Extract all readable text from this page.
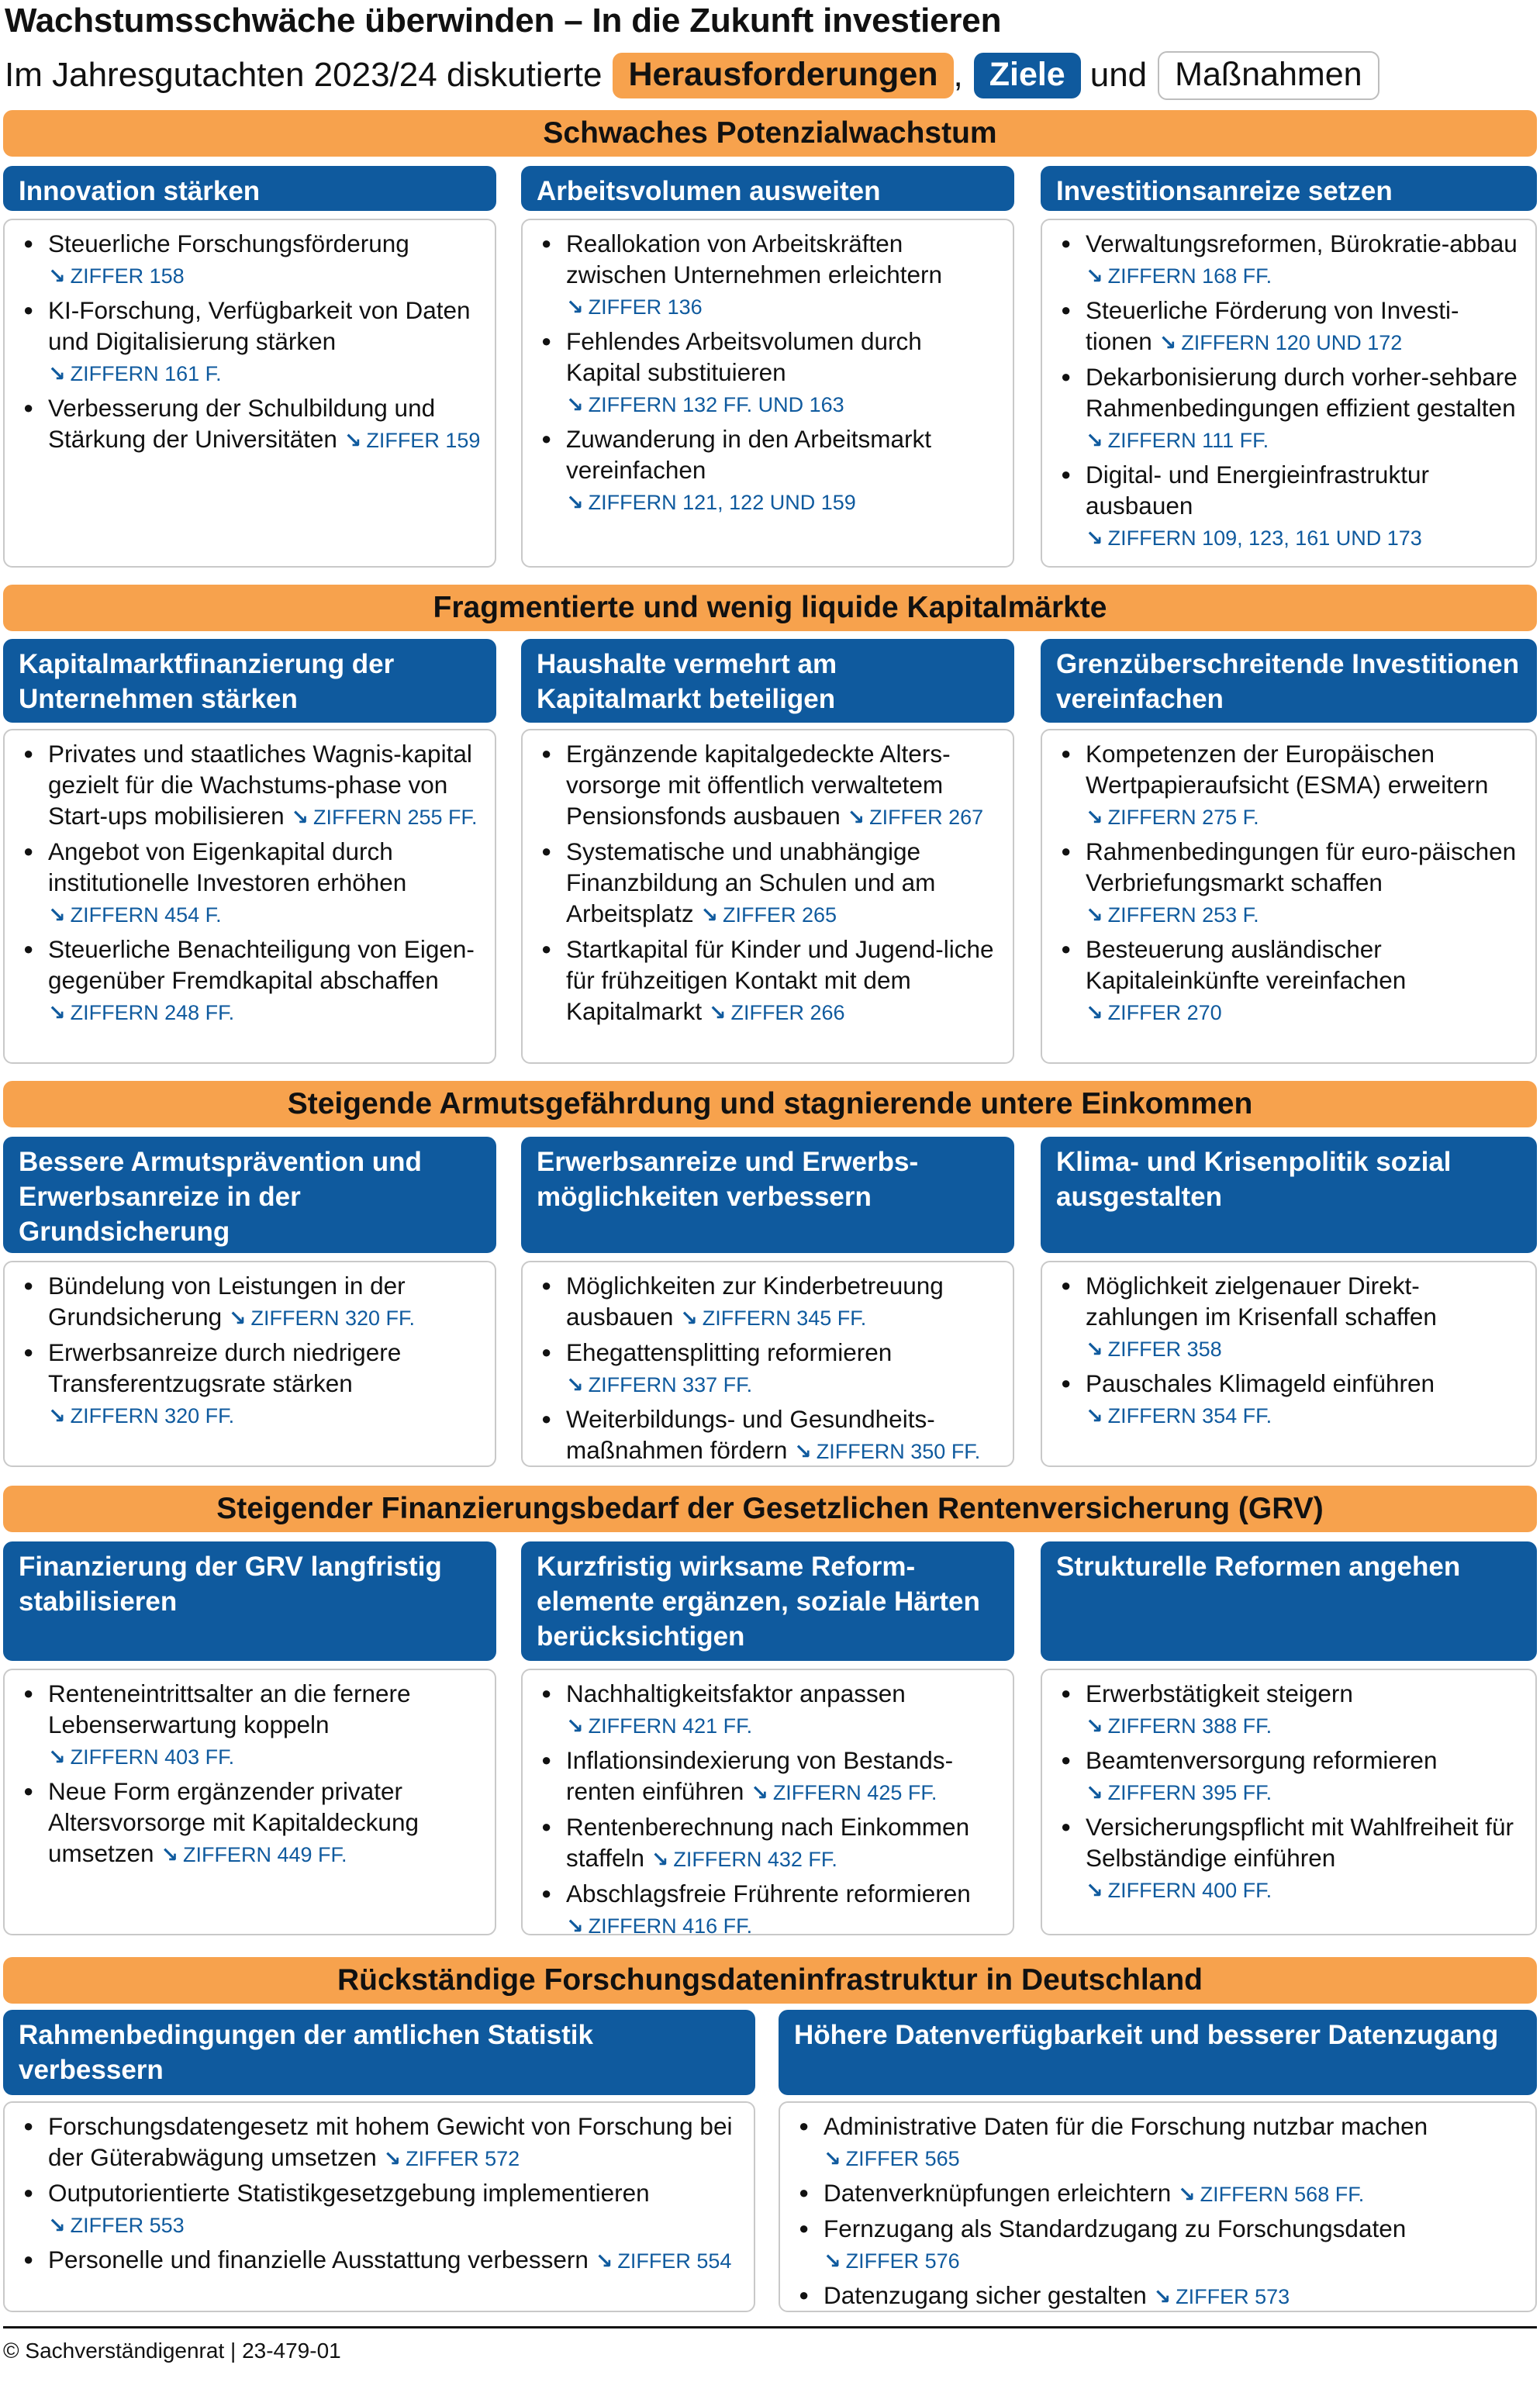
Wachstumsschwäche überwinden – In die Zukunft investieren
Im Jahresgutachten 2023/24 diskutierte Herausforderungen , Ziele und Maßnahmen
Schwaches Potenzialwachstum
Innovation stärken
● Steuerliche Forschungsförderung ↘ ZIFFER 158
● KI-Forschung, Verfügbarkeit von Daten und Digitalisierung stärken ↘ ZIFFERN 161 F.
● Verbesserung der Schulbildung und Stärkung der Universitäten ↘ ZIFFER 159
Arbeitsvolumen ausweiten
● Reallokation von Arbeitskräften zwischen Unternehmen erleichtern ↘ ZIFFER 136
● Fehlendes Arbeitsvolumen durch Kapital substituieren ↘ ZIFFERN 132 FF. UND 163
● Zuwanderung in den Arbeitsmarkt vereinfachen ↘ ZIFFERN 121, 122 UND 159
Investitionsanreize setzen
● Verwaltungsreformen, Bürokratie-abbau ↘ ZIFFERN 168 FF.
● Steuerliche Förderung von Investi-tionen ↘ ZIFFERN 120 UND 172
● Dekarbonisierung durch vorher-sehbare Rahmenbedingungen effizient gestalten ↘ ZIFFERN 111 FF.
● Digital- und Energieinfrastruktur ausbauen ↘ ZIFFERN 109, 123, 161 UND 173
Fragmentierte und wenig liquide Kapitalmärkte
Kapitalmarktfinanzierung der Unternehmen stärken
● Privates und staatliches Wagnis-kapital gezielt für die Wachstums-phase von Start-ups mobilisieren ↘ ZIFFERN 255 FF.
● Angebot von Eigenkapital durch institutionelle Investoren erhöhen ↘ ZIFFERN 454 F.
● Steuerliche Benachteiligung von Eigen- gegenüber Fremdkapital abschaffen ↘ ZIFFERN 248 FF.
Haushalte vermehrt am Kapitalmarkt beteiligen
● Ergänzende kapitalgedeckte Alters-vorsorge mit öffentlich verwaltetem Pensionsfonds ausbauen ↘ ZIFFER 267
● Systematische und unabhängige Finanzbildung an Schulen und am Arbeitsplatz ↘ ZIFFER 265
● Startkapital für Kinder und Jugend-liche für frühzeitigen Kontakt mit dem Kapitalmarkt ↘ ZIFFER 266
Grenzüberschreitende Investitionen vereinfachen
● Kompetenzen der Europäischen Wertpapieraufsicht (ESMA) erweitern ↘ ZIFFERN 275 F.
● Rahmenbedingungen für euro-päischen Verbriefungsmarkt schaffen ↘ ZIFFERN 253 F.
● Besteuerung ausländischer Kapitaleinkünfte vereinfachen ↘ ZIFFER 270
Steigende Armutsgefährdung und stagnierende untere Einkommen
Bessere Armutsprävention und Erwerbsanreize in der Grundsicherung
● Bündelung von Leistungen in der Grundsicherung ↘ ZIFFERN 320 FF.
● Erwerbsanreize durch niedrigere Transferentzugsrate stärken ↘ ZIFFERN 320 FF.
Erwerbsanreize und Erwerbs-möglichkeiten verbessern
● Möglichkeiten zur Kinderbetreuung ausbauen ↘ ZIFFERN 345 FF.
● Ehegattensplitting reformieren ↘ ZIFFERN 337 FF.
● Weiterbildungs- und Gesundheits-maßnahmen fördern ↘ ZIFFERN 350 FF.
Klima- und Krisenpolitik sozial ausgestalten
● Möglichkeit zielgenauer Direkt-zahlungen im Krisenfall schaffen ↘ ZIFFER 358
● Pauschales Klimageld einführen ↘ ZIFFERN 354 FF.
Steigender Finanzierungsbedarf der Gesetzlichen Rentenversicherung (GRV)
Finanzierung der GRV langfristig stabilisieren
● Renteneintrittsalter an die fernere Lebenserwartung koppeln ↘ ZIFFERN 403 FF.
● Neue Form ergänzender privater Altersvorsorge mit Kapitaldeckung umsetzen ↘ ZIFFERN 449 FF.
Kurzfristig wirksame Reform-elemente ergänzen, soziale Härten berücksichtigen
● Nachhaltigkeitsfaktor anpassen ↘ ZIFFERN 421 FF.
● Inflationsindexierung von Bestands-renten einführen ↘ ZIFFERN 425 FF.
● Rentenberechnung nach Einkommen staffeln ↘ ZIFFERN 432 FF.
● Abschlagsfreie Frührente reformieren ↘ ZIFFERN 416 FF.
Strukturelle Reformen angehen
● Erwerbstätigkeit steigern ↘ ZIFFERN 388 FF.
● Beamtenversorgung reformieren ↘ ZIFFERN 395 FF.
● Versicherungspflicht mit Wahlfreiheit für Selbständige einführen ↘ ZIFFERN 400 FF.
Rückständige Forschungsdateninfrastruktur in Deutschland
Rahmenbedingungen der amtlichen Statistik verbessern
● Forschungsdatengesetz mit hohem Gewicht von Forschung bei der Güterabwägung umsetzen ↘ ZIFFER 572
● Outputorientierte Statistikgesetzgebung implementieren ↘ ZIFFER 553
● Personelle und finanzielle Ausstattung verbessern ↘ ZIFFER 554
Höhere Datenverfügbarkeit und besserer Datenzugang
● Administrative Daten für die Forschung nutzbar machen ↘ ZIFFER 565
● Datenverknüpfungen erleichtern ↘ ZIFFERN 568 FF.
● Fernzugang als Standardzugang zu Forschungsdaten ↘ ZIFFER 576
● Datenzugang sicher gestalten ↘ ZIFFER 573
© Sachverständigenrat | 23-479-01
